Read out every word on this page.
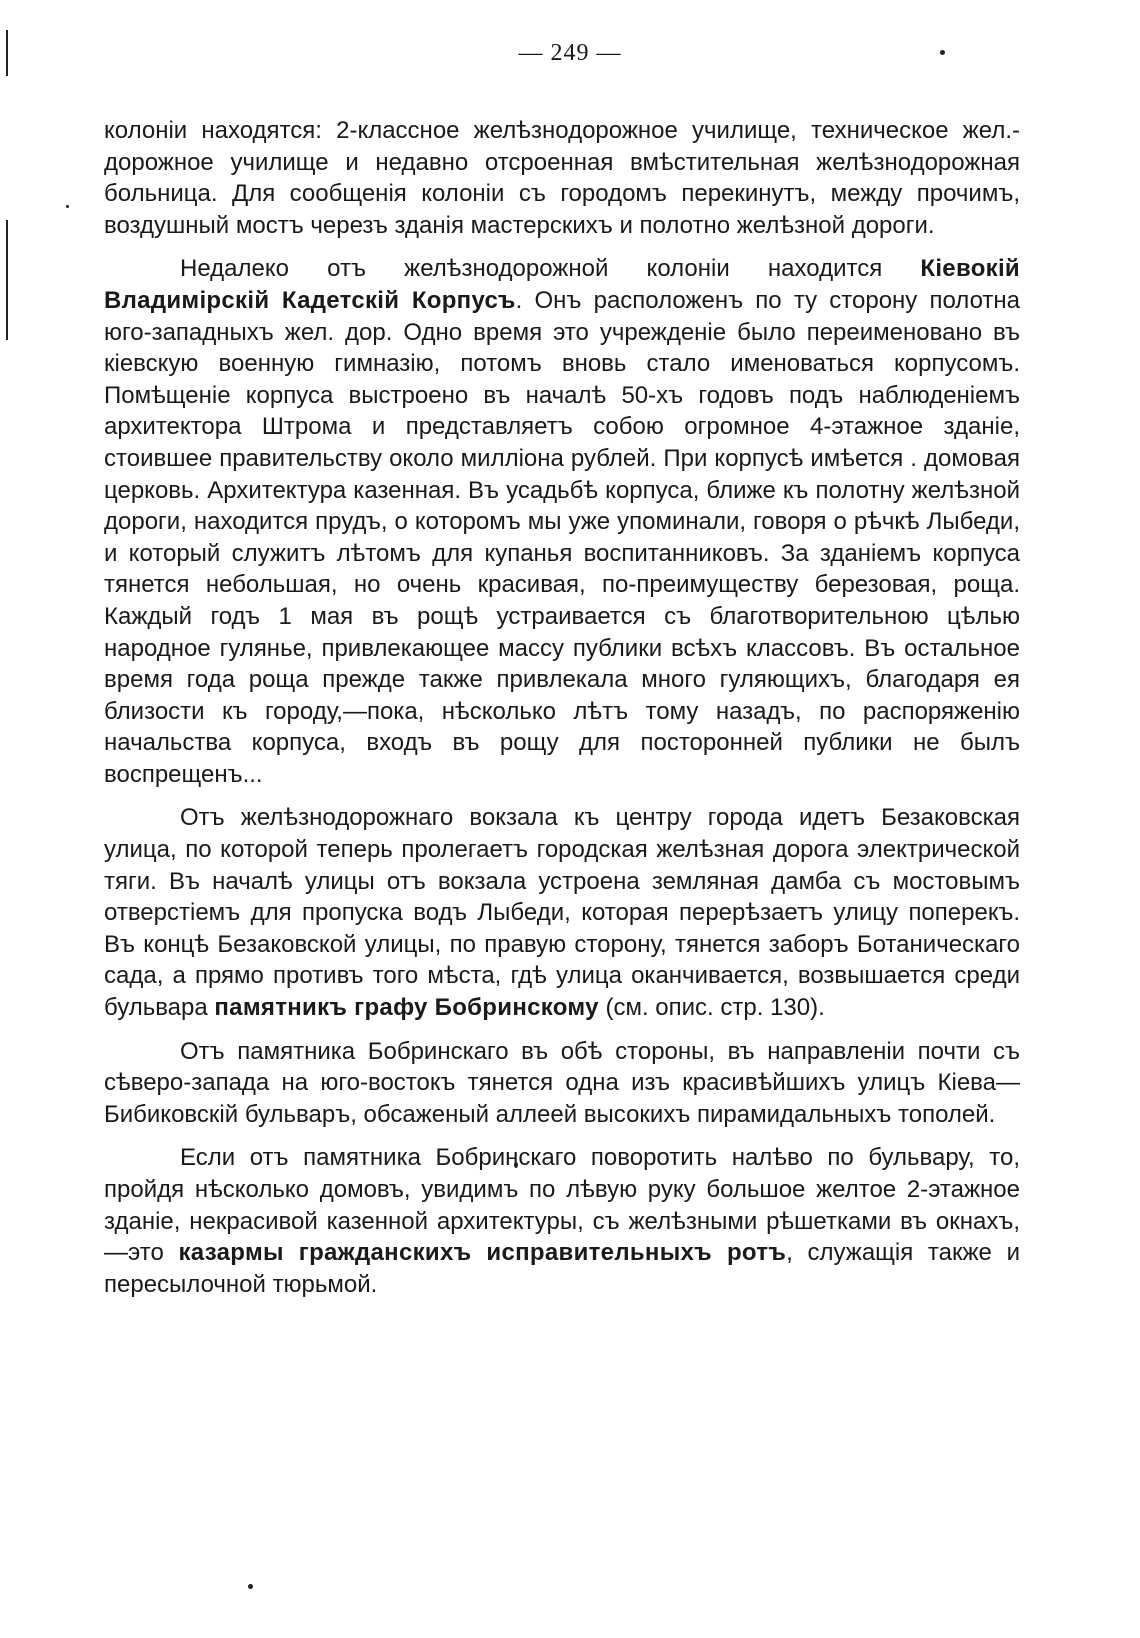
— 249 —

колоніи находятся: 2-классное желѣзнодорожное училище, техническое жел.-дорожное училище и недавно отсроенная вмѣстительная желѣзнодорожная больница. Для сообщенія колоніи съ городомъ перекинутъ, между прочимъ, воздушный мостъ черезъ зданія мастерскихъ и полотно желѣзной дороги.

Недалеко отъ желѣзнодорожной колоніи находится Кіевокій Владимірскій Кадетскій Корпусъ. Онъ расположенъ по ту сторону полотна юго-западныхъ жел. дор. Одно время это учрежденіе было переименовано въ кіевскую военную гимназію, потомъ вновь стало именоваться корпусомъ. Помѣщеніе корпуса выстроено въ началѣ 50-хъ годовъ подъ наблюденіемъ архитектора Штрома и представляетъ собою огромное 4-этажное зданіе, стоившее правительству около милліона рублей. При корпусѣ имѣется . домовая церковь. Архитектура казенная. Въ усадьбѣ корпуса, ближе къ полотну желѣзной дороги, находится прудъ, о которомъ мы уже упоминали, говоря о рѣчкѣ Лыбеди, и который служитъ лѣтомъ для купанья воспитанниковъ. За зданіемъ корпуса тянется небольшая, но очень красивая, по-преимуществу березовая, роща. Каждый годъ 1 мая въ рощѣ устраивается съ благотворительною цѣлью народное гулянье, привлекающее массу публики всѣхъ классовъ. Въ остальное время года роща прежде также привлекала много гуляющихъ, благодаря ея близости къ городу,—пока, нѣсколько лѣтъ тому назадъ, по распоряженію начальства корпуса, входъ въ рощу для посторонней публики не былъ воспрещенъ...

Отъ желѣзнодорожнаго вокзала къ центру города идетъ Безаковская улица, по которой теперь пролегаетъ городская желѣзная дорога электрической тяги. Въ началѣ улицы отъ вокзала устроена земляная дамба съ мостовымъ отверстіемъ для пропуска водъ Лыбеди, которая перерѣзаетъ улицу поперекъ. Въ концѣ Безаковской улицы, по правую сторону, тянется заборъ Ботаническаго сада, а прямо противъ того мѣста, гдѣ улица оканчивается, возвышается среди бульвара памятникъ графу Бобринскому (см. опис. стр. 130).

Отъ памятника Бобринскаго въ обѣ стороны, въ направленіи почти съ сѣверо-запада на юго-востокъ тянется одна изъ красивѣйшихъ улицъ Кіева—Бибиковскій бульваръ, обсаженый аллеей высокихъ пирамидальныхъ тополей.

Если отъ памятника Бобринскаго поворотить налѣво по бульвару, то, пройдя нѣсколько домовъ, увидимъ по лѣвую руку большое желтое 2-этажное зданіе, некрасивой казенной архитектуры, съ желѣзными рѣшетками въ окнахъ,—это казармы гражданскихъ исправительныхъ ротъ, служащія также и пересылочной тюрьмой.
